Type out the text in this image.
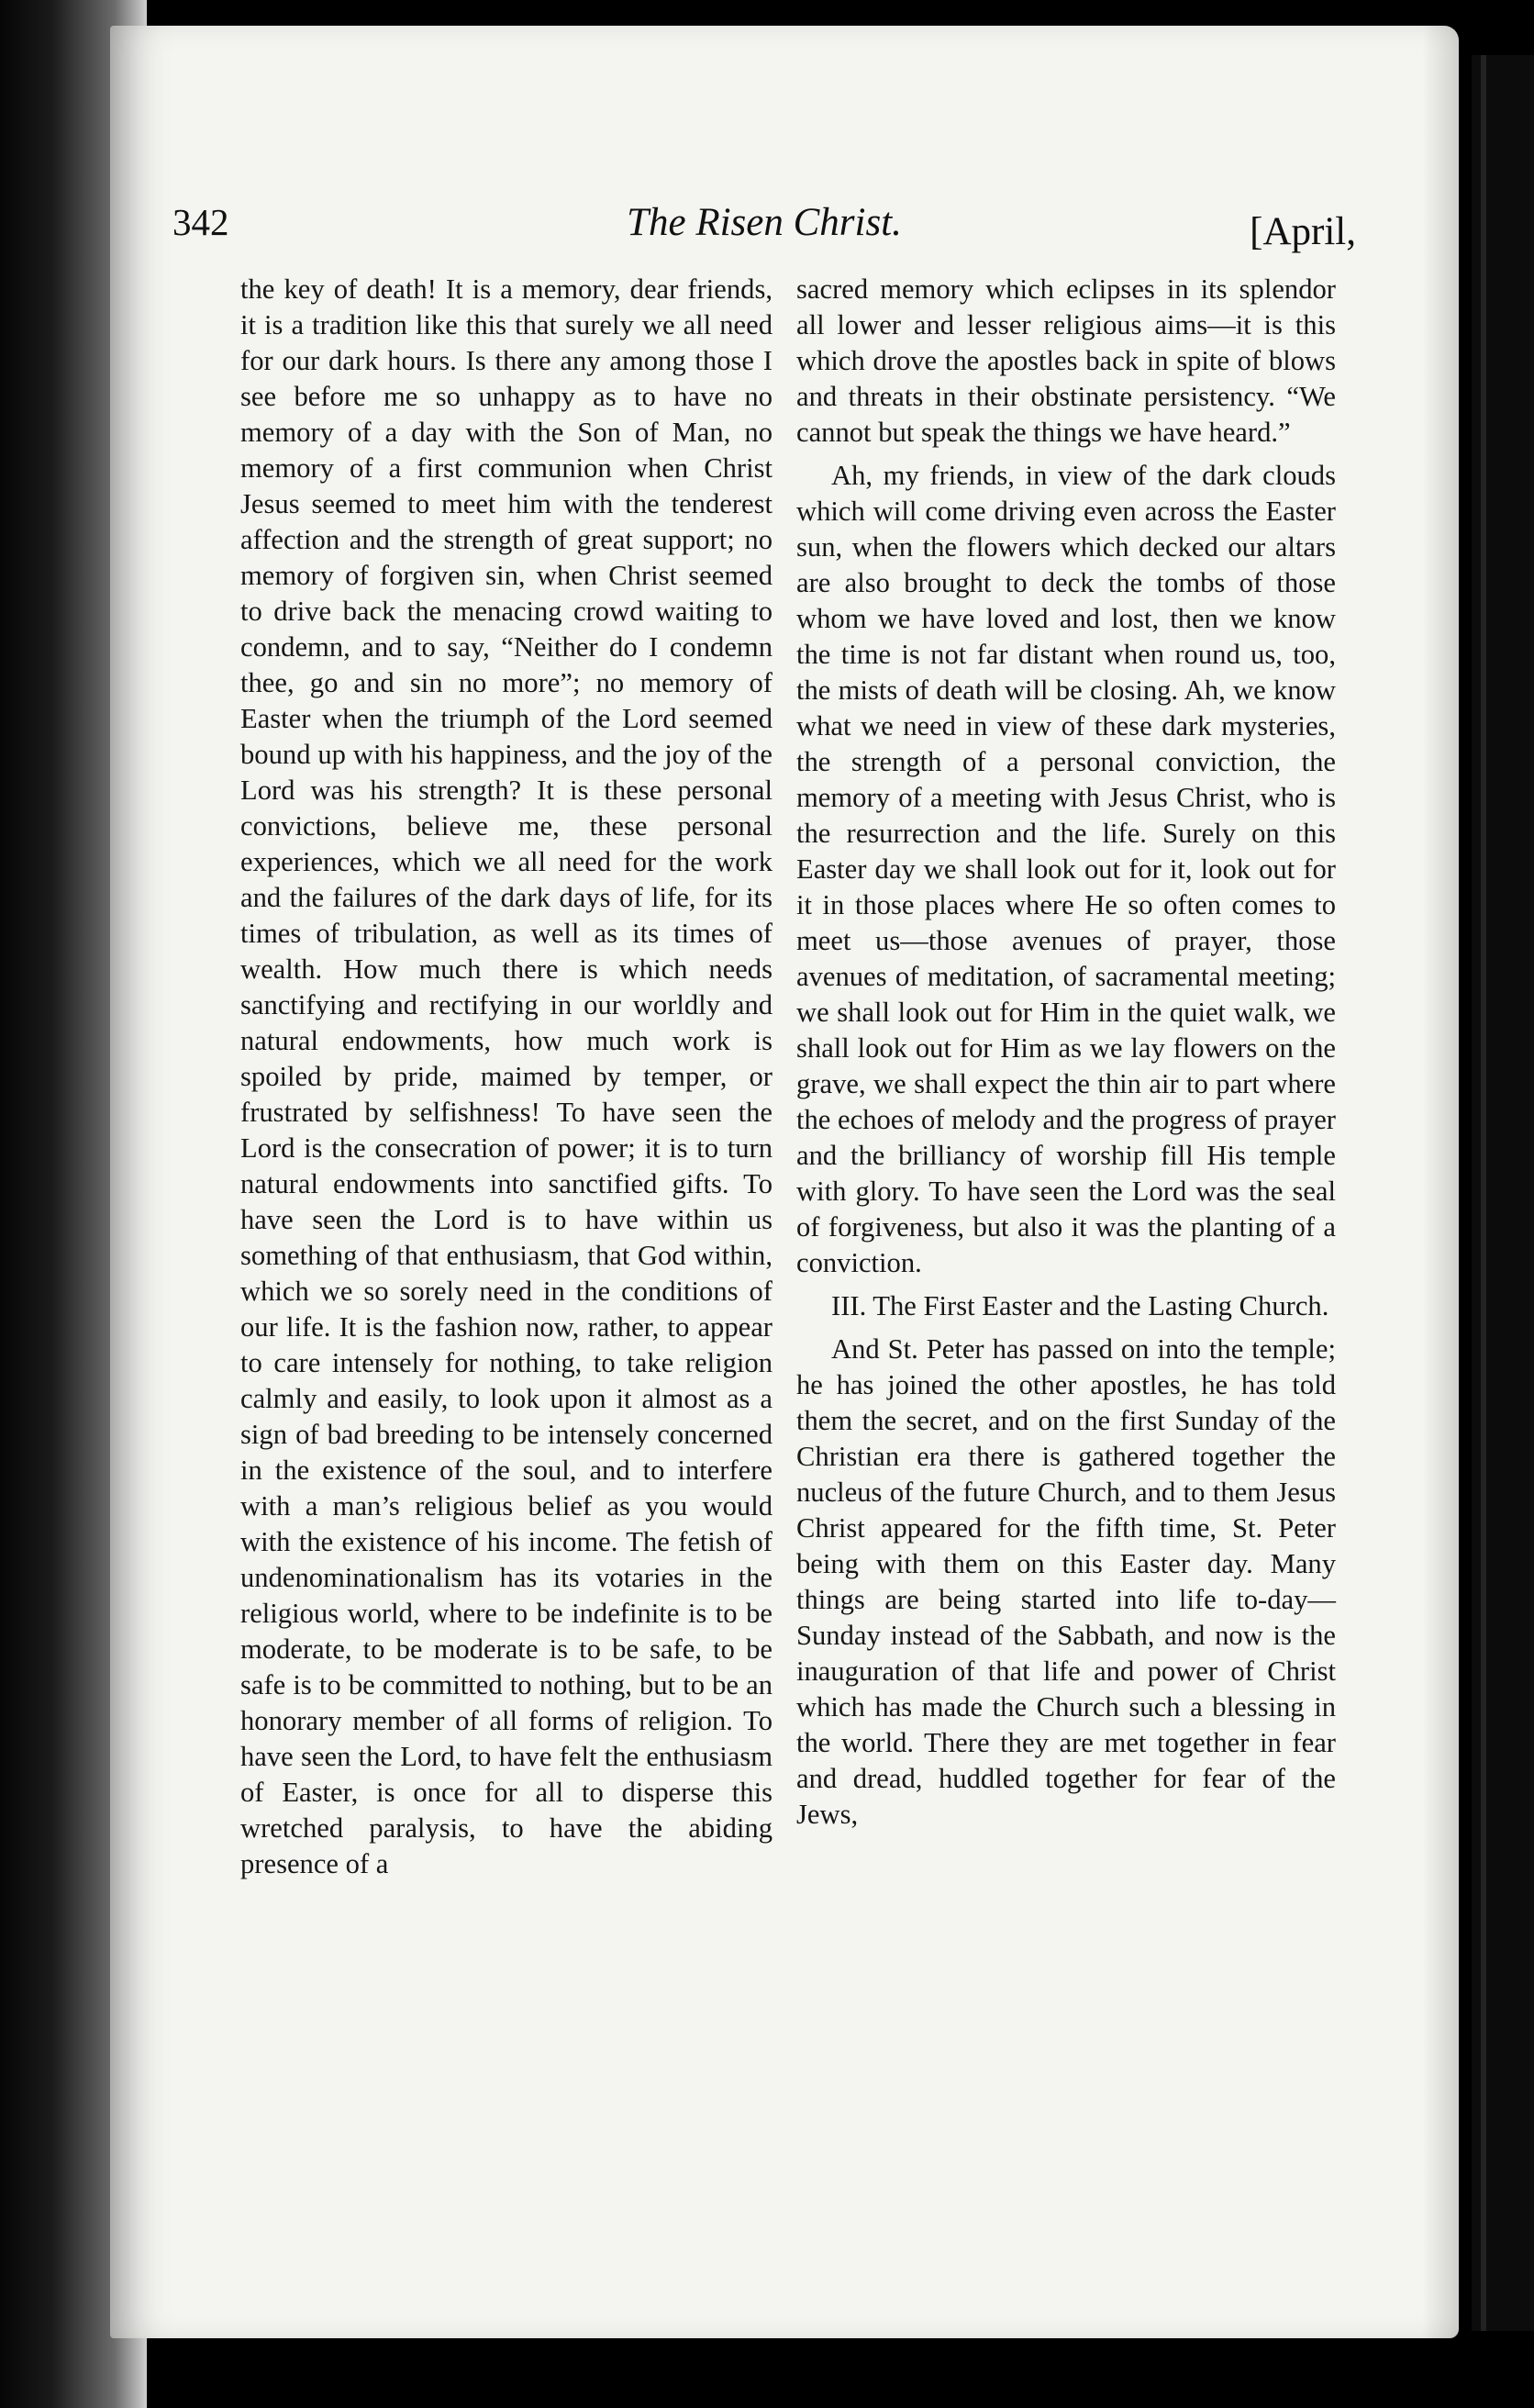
342	The Risen Christ.	[April,

the key of death! It is a memory, dear friends, it is a tradition like this that surely we all need for our dark hours. Is there any among those I see before me so unhappy as to have no memory of a day with the Son of Man, no memory of a first communion when Christ Jesus seemed to meet him with the tenderest affection and the strength of great support; no memory of forgiven sin, when Christ seemed to drive back the menacing crowd waiting to condemn, and to say, “Neither do I condemn thee, go and sin no more”; no memory of Easter when the triumph of the Lord seemed bound up with his happiness, and the joy of the Lord was his strength? It is these personal convictions, believe me, these personal experiences, which we all need for the work and the failures of the dark days of life, for its times of tribulation, as well as its times of wealth. How much there is which needs sanctifying and rectifying in our worldly and natural endowments, how much work is spoiled by pride, maimed by temper, or frustrated by selfishness! To have seen the Lord is the consecration of power; it is to turn natural endowments into sanctified gifts. To have seen the Lord is to have within us something of that enthusiasm, that God within, which we so sorely need in the conditions of our life. It is the fashion now, rather, to appear to care intensely for nothing, to take religion calmly and easily, to look upon it almost as a sign of bad breeding to be intensely concerned in the existence of the soul, and to interfere with a man’s religious belief as you would with the existence of his income. The fetish of undenominationalism has its votaries in the religious world, where to be indefinite is to be moderate, to be moderate is to be safe, to be safe is to be committed to nothing, but to be an honorary member of all forms of religion. To have seen the Lord, to have felt the enthusiasm of Easter, is once for all to disperse this wretched paralysis, to have the abiding presence of a

sacred memory which eclipses in its splendor all lower and lesser religious aims—it is this which drove the apostles back in spite of blows and threats in their obstinate persistency. “We cannot but speak the things we have heard.”

Ah, my friends, in view of the dark clouds which will come driving even across the Easter sun, when the flowers which decked our altars are also brought to deck the tombs of those whom we have loved and lost, then we know the time is not far distant when round us, too, the mists of death will be closing. Ah, we know what we need in view of these dark mysteries, the strength of a personal conviction, the memory of a meeting with Jesus Christ, who is the resurrection and the life. Surely on this Easter day we shall look out for it, look out for it in those places where He so often comes to meet us—those avenues of prayer, those avenues of meditation, of sacramental meeting; we shall look out for Him in the quiet walk, we shall look out for Him as we lay flowers on the grave, we shall expect the thin air to part where the echoes of melody and the progress of prayer and the brilliancy of worship fill His temple with glory. To have seen the Lord was the seal of forgiveness, but also it was the planting of a conviction.

III. The First Easter and the Lasting Church.

And St. Peter has passed on into the temple; he has joined the other apostles, he has told them the secret, and on the first Sunday of the Christian era there is gathered together the nucleus of the future Church, and to them Jesus Christ appeared for the fifth time, St. Peter being with them on this Easter day. Many things are being started into life to-day—Sunday instead of the Sabbath, and now is the inauguration of that life and power of Christ which has made the Church such a blessing in the world. There they are met together in fear and dread, huddled together for fear of the Jews,
